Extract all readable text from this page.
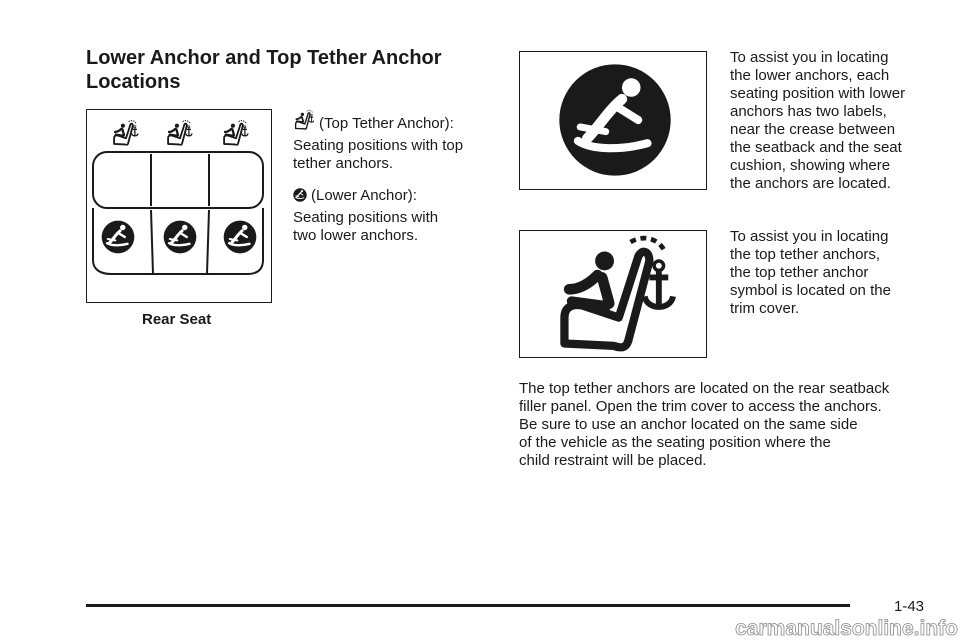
Lower Anchor and Top Tether Anchor
Locations
Rear Seat
(Top Tether Anchor):
Seating positions with top
tether anchors.
(Lower Anchor):
Seating positions with
two lower anchors.
To assist you in locating
the lower anchors, each
seating position with lower
anchors has two labels,
near the crease between
the seatback and the seat
cushion, showing where
the anchors are located.
To assist you in locating
the top tether anchors,
the top tether anchor
symbol is located on the
trim cover.
The top tether anchors are located on the rear seatback
filler panel. Open the trim cover to access the anchors.
Be sure to use an anchor located on the same side
of the vehicle as the seating position where the
child restraint will be placed.
1-43
carmanualsonline.info
